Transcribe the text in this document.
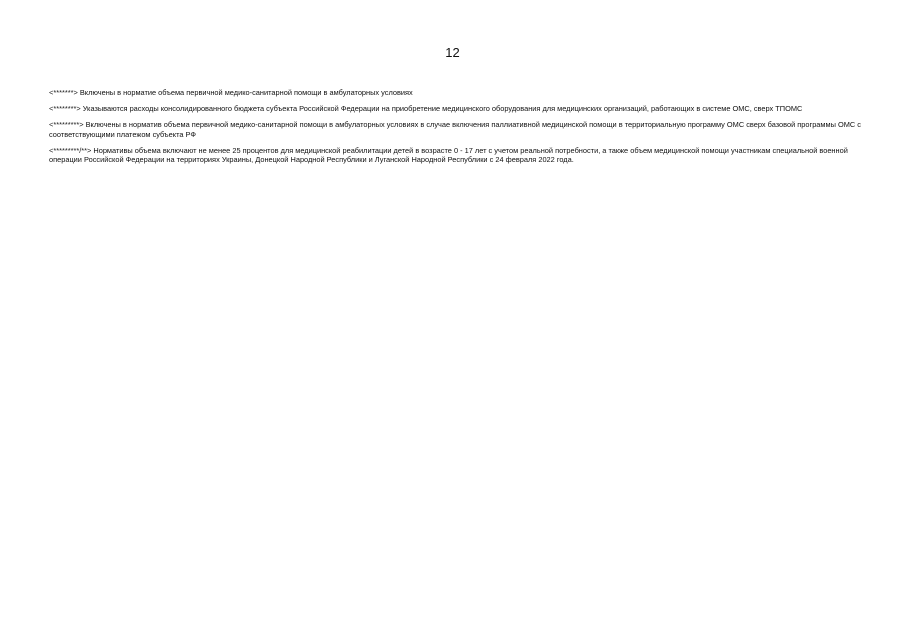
12

<*******> Включены в норматие объема первичной медико-санитарной помощи в амбулаторных условиях

<********> Указываются расходы консолидированного бюджета субъекта Российской Федерации на приобретение медицинского оборудования для медицинских организаций, работающих в системе ОМС, сверх ТПОМС

<*********> Включены в норматив объема первичной медико-санитарной помощи в амбулаторных условиях в случае включения паллиативной медицинской помощи в территориальную программу ОМС сверх базовой программы ОМС с соответствующими платежом субъекта РФ

<*********/**> Нормативы объема включают не менее 25 процентов для медицинской реабилитации детей в возрасте 0 - 17 лет с учетом реальной потребности, а также объем медицинской помощи участникам специальной военной операции Российской Федерации на территориях Украины, Донецкой Народной Республики и Луганской Народной Республики с 24 февраля 2022 года.
